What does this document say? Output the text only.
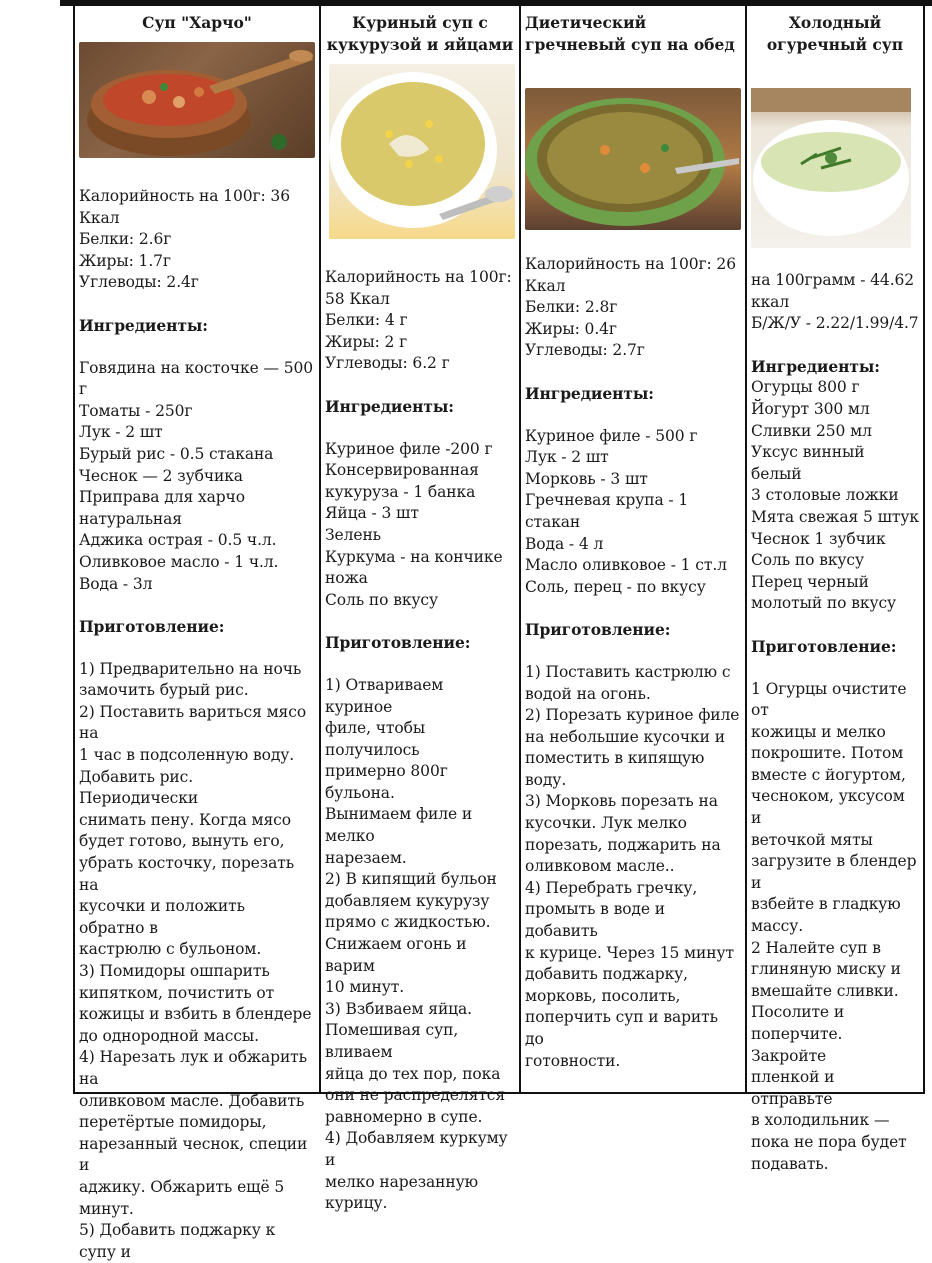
Суп "Харчо"
Калорийность на 100г: 36
Ккал
Белки: 2.6г
Жиры: 1.7г
Углеводы: 2.4г
Ингредиенты:
Говядина на косточке — 500 г
Томаты - 250г
Лук - 2 шт
Бурый рис - 0.5 стакана
Чеснок — 2 зубчика
Приправа для харчо
натуральная
Аджика острая - 0.5 ч.л.
Оливковое масло - 1 ч.л.
Вода - 3л
Приготовление:
1) Предварительно на ночь
замочить бурый рис.
2) Поставить вариться мясо на
1 час в подсоленную воду.
Добавить рис. Периодически
снимать пену. Когда мясо
будет готово, вынуть его,
убрать косточку, порезать на
кусочки и положить обратно в
кастрюлю с бульоном.
3) Помидоры ошпарить
кипятком, почистить от
кожицы и взбить в блендере
до однородной массы.
4) Нарезать лук и обжарить на
оливковом масле. Добавить
перетёртые помидоры,
нарезанный чеснок, специи и
аджику. Обжарить ещё 5
минут.
5) Добавить поджарку к супу и
Куриный суп с кукурузой и яйцами
Калорийность на 100г:
58 Ккал
Белки: 4 г
Жиры: 2 г
Углеводы: 6.2 г
Ингредиенты:
Куриное филе -200 г
Консервированная
кукуруза - 1 банка
Яйца - 3 шт
Зелень
Куркума - на кончике
ножа
Соль по вкусу
Приготовление:
1) Отвариваем куриное
филе, чтобы получилось
примерно 800г бульона.
Вынимаем филе и мелко
нарезаем.
2) В кипящий бульон
добавляем кукурузу
прямо с жидкостью.
Снижаем огонь и варим
10 минут.
3) Взбиваем яйца.
Помешивая суп, вливаем
яйца до тех пор, пока
они не распределятся
равномерно в супе.
4) Добавляем куркуму и
мелко нарезанную
курицу.
Диетический гречневый суп на обед
Калорийность на 100г: 26
Ккал
Белки: 2.8г
Жиры: 0.4г
Углеводы: 2.7г
Ингредиенты:
Куриное филе - 500 г
Лук - 2 шт
Морковь - 3 шт
Гречневая крупа - 1 стакан
Вода - 4 л
Масло оливковое - 1 ст.л
Соль, перец - по вкусу
Приготовление:
1) Поставить кастрюлю с
водой на огонь.
2) Порезать куриное филе
на небольшие кусочки и
поместить в кипящую воду.
3) Морковь порезать на
кусочки. Лук мелко
порезать, поджарить на
оливковом масле..
4) Перебрать гречку,
промыть в воде и добавить
к курице. Через 15 минут
добавить поджарку,
морковь, посолить,
поперчить суп и варить до
готовности.
Холодный огуречный суп
на 100грамм - 44.62
ккал
Б/Ж/У - 2.22/1.99/4.7
Ингредиенты:
Огурцы 800 г
Йогурт 300 мл
Сливки 250 мл
Уксус винный белый
3 столовые ложки
Мята свежая 5 штук
Чеснок 1 зубчик
Соль по вкусу
Перец черный
молотый по вкусу
Приготовление:
1 Огурцы очистите от
кожицы и мелко
покрошите. Потом
вместе с йогуртом,
чесноком, уксусом и
веточкой мяты
загрузите в блендер и
взбейте в гладкую
массу.
2 Налейте суп в
глиняную миску и
вмешайте сливки.
Посолите и
поперчите. Закройте
пленкой и отправьте
в холодильник —
пока не пора будет
подавать.
